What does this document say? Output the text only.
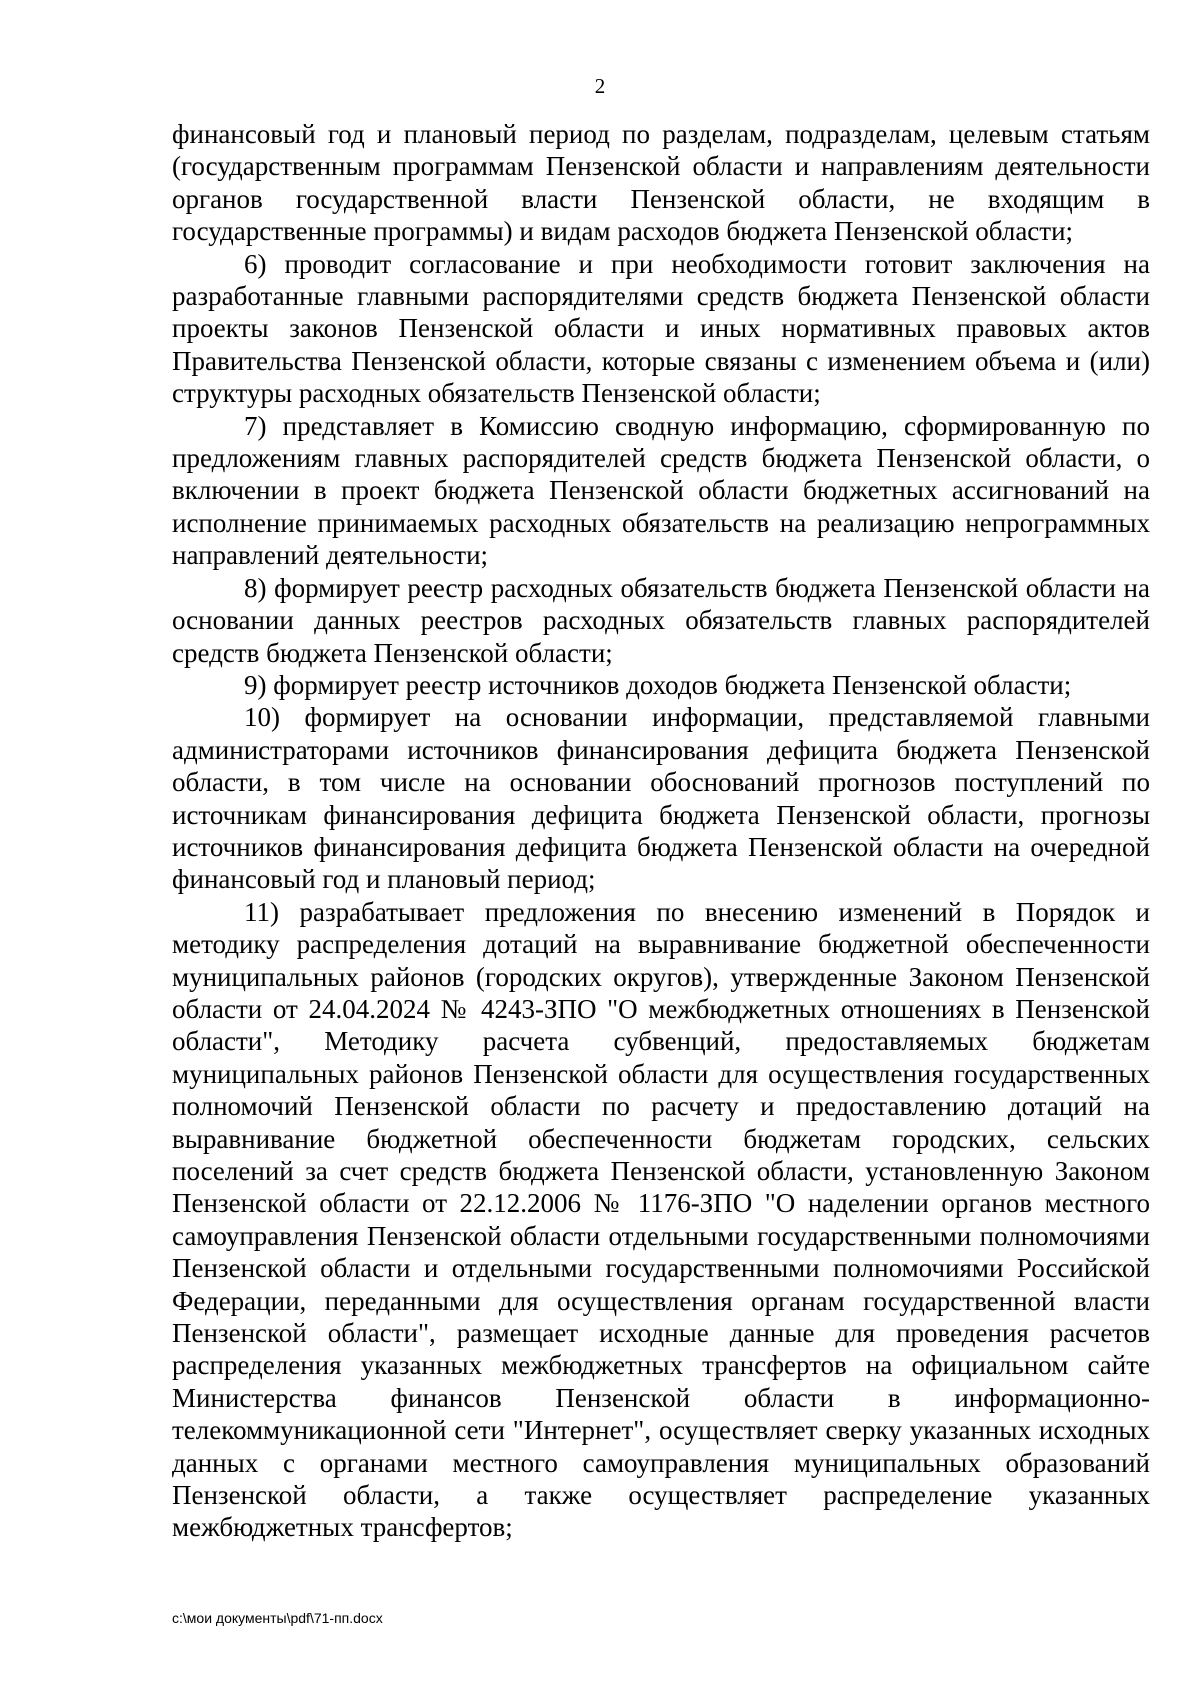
2

финансовый год и плановый период по разделам, подразделам, целевым статьям (государственным программам Пензенской области и направлениям деятельности органов государственной власти Пензенской области, не входящим в государственные программы) и видам расходов бюджета Пензенской области;

6) проводит согласование и при необходимости готовит заключения на разработанные главными распорядителями средств бюджета Пензенской области проекты законов Пензенской области и иных нормативных правовых актов Правительства Пензенской области, которые связаны с изменением объема и (или) структуры расходных обязательств Пензенской области;

7) представляет в Комиссию сводную информацию, сформированную по предложениям главных распорядителей средств бюджета Пензенской области, о включении в проект бюджета Пензенской области бюджетных ассигнований на исполнение принимаемых расходных обязательств на реализацию непрограммных направлений деятельности;

8) формирует реестр расходных обязательств бюджета Пензенской области на основании данных реестров расходных обязательств главных распорядителей средств бюджета Пензенской области;

9) формирует реестр источников доходов бюджета Пензенской области;

10) формирует на основании информации, представляемой главными администраторами источников финансирования дефицита бюджета Пензенской области, в том числе на основании обоснований прогнозов поступлений по источникам финансирования дефицита бюджета Пензенской области, прогнозы источников финансирования дефицита бюджета Пензенской области на очередной финансовый год и плановый период;

11) разрабатывает предложения по внесению изменений в Порядок и методику распределения дотаций на выравнивание бюджетной обеспеченности муниципальных районов (городских округов), утвержденные Законом Пензенской области от 24.04.2024 № 4243-ЗПО "О межбюджетных отношениях в Пензенской области", Методику расчета субвенций, предоставляемых бюджетам муниципальных районов Пензенской области для осуществления государственных полномочий Пензенской области по расчету и предоставлению дотаций на выравнивание бюджетной обеспеченности бюджетам городских, сельских поселений за счет средств бюджета Пензенской области, установленную Законом Пензенской области от 22.12.2006 № 1176-ЗПО "О наделении органов местного самоуправления Пензенской области отдельными государственными полномочиями Пензенской области и отдельными государственными полномочиями Российской Федерации, переданными для осуществления органам государственной власти Пензенской области", размещает исходные данные для проведения расчетов распределения указанных межбюджетных трансфертов на официальном сайте Министерства финансов Пензенской области в информационно-телекоммуникационной сети "Интернет", осуществляет сверку указанных исходных данных с органами местного самоуправления муниципальных образований Пензенской области, а также осуществляет распределение указанных межбюджетных трансфертов;

c:\мои документы\pdf\71-пп.docx
